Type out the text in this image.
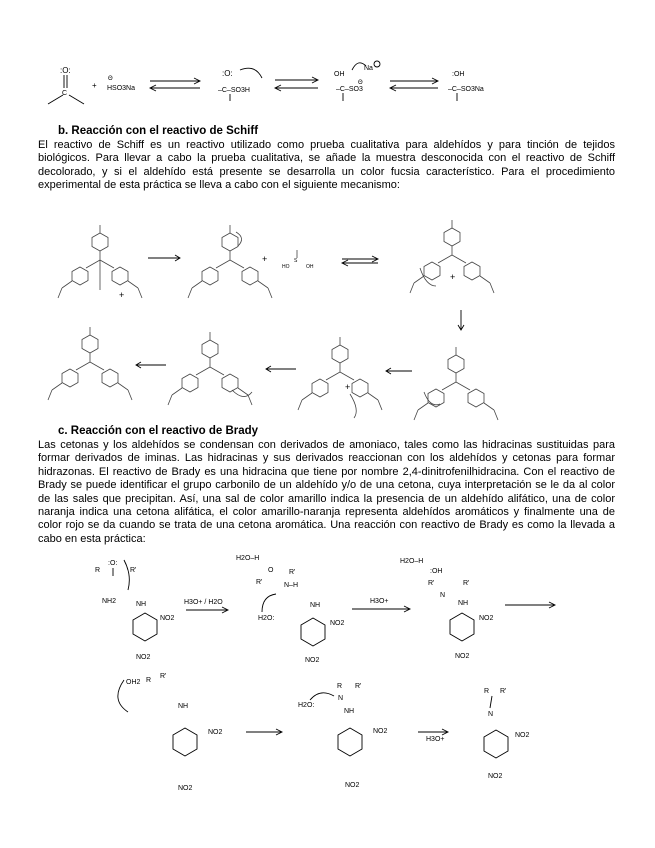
:O:
C
+
Θ
HSO3Na
:O:
–C–SO3H
OH
Na
–C–SO3
Θ
:OH
–C–SO3Na
b. Reacción con el reactivo de Schiff
El reactivo de Schiff es un reactivo utilizado como prueba cualitativa para aldehídos y para tinción de tejidos biológicos. Para llevar a cabo la prueba cualitativa, se añade la muestra desconocida con el reactivo de Schiff decolorado, y si el aldehído está presente se desarrolla un color fucsia característico. Para el procedimiento experimental de esta práctica se lleva a cabo con el siguiente mecanismo:
+
+
HO
S
OH
+
+
c. Reacción con el reactivo de Brady
Las cetonas y los aldehídos se condensan con derivados de amoniaco, tales como las hidracinas sustituidas para formar derivados de iminas. Las hidracinas y sus derivados reaccionan con los aldehídos y cetonas para formar hidrazonas. El reactivo de Brady es una hidracina que tiene por nombre 2,4-dinitrofenilhidracina. Con el reactivo de Brady se puede identificar el grupo carbonilo de un aldehído y/o de una cetona, cuya interpretación se le da al color de las sales que precipitan. Así, una sal de color amarillo indica la presencia de un aldehído alifático, una de color naranja indica una cetona alifática, el color amarillo-naranja representa aldehídos aromáticos y finalmente una de color rojo se da cuando se trata de una cetona aromática. Una reacción con reactivo de Brady es como la llevada a cabo en esta práctica:
R	R'
:O:
NH2	NH
NO2
NO2
H3O+ / H2O
H2O–H
O
R'
R'
N–H
H2O:
NH
NO2
NO2
H3O+
H2O–H
:OH
R'	R'
N
NH
NO2
NO2
OH2 R
R'
NH
NO2
NO2
R R'
N
NH
H2O:
NO2
NO2
H3O+
R R'
N
NO2
NO2
